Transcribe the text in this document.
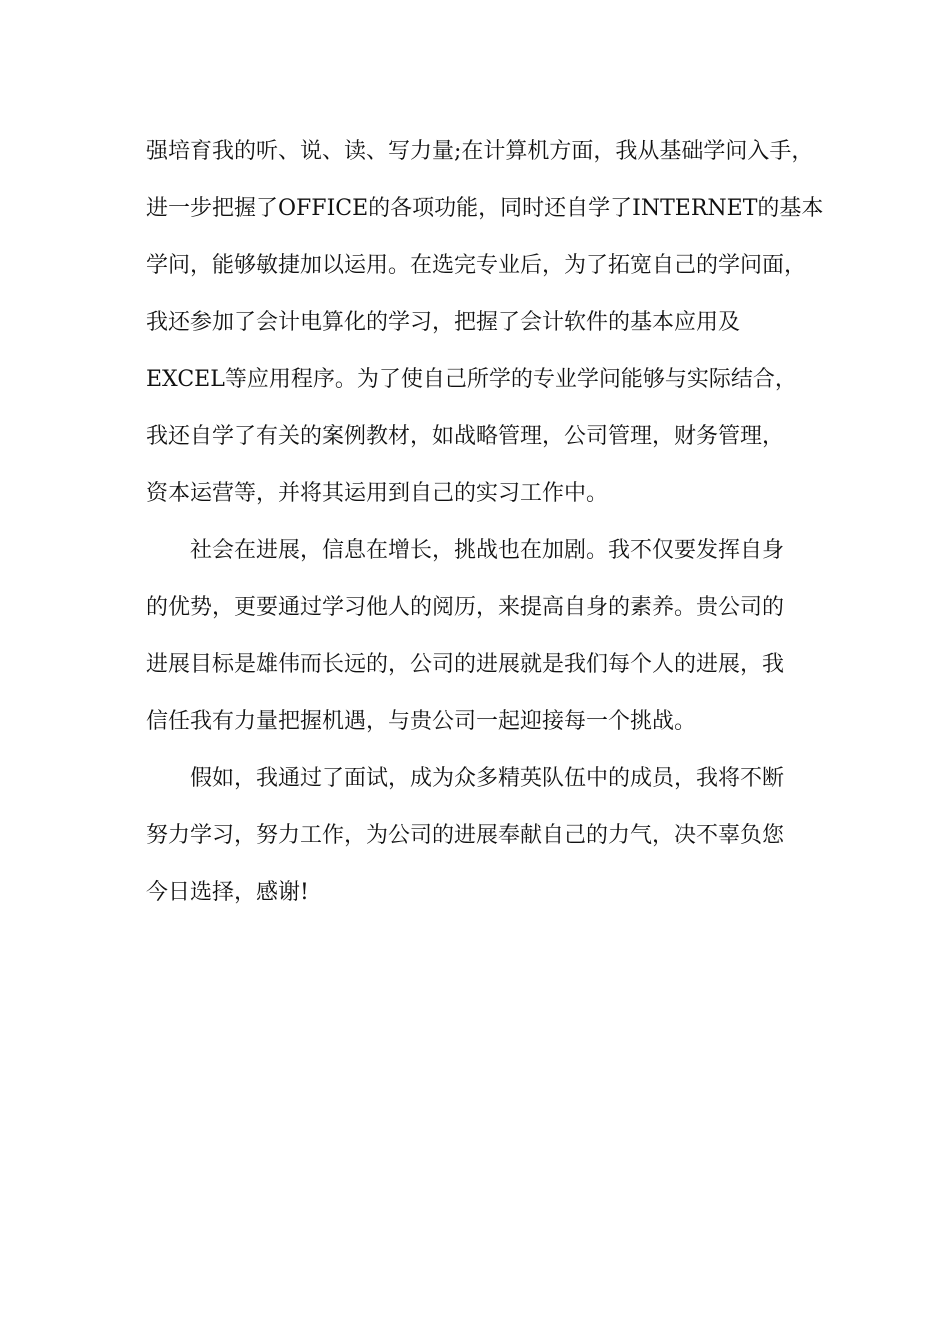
强培育我的听、说、读、写力量;在计算机方面，我从基础学问入手，
进一步把握了OFFICE的各项功能，同时还自学了INTERNET的基本
学问，能够敏捷加以运用。在选完专业后，为了拓宽自己的学问面，
我还参加了会计电算化的学习，把握了会计软件的基本应用及
EXCEL等应用程序。为了使自己所学的专业学问能够与实际结合，
我还自学了有关的案例教材，如战略管理，公司管理，财务管理，
资本运营等，并将其运用到自己的实习工作中。
社会在进展，信息在增长，挑战也在加剧。我不仅要发挥自身
的优势，更要通过学习他人的阅历，来提高自身的素养。贵公司的
进展目标是雄伟而长远的，公司的进展就是我们每个人的进展，我
信任我有力量把握机遇，与贵公司一起迎接每一个挑战。
假如，我通过了面试，成为众多精英队伍中的成员，我将不断
努力学习，努力工作，为公司的进展奉献自己的力气，决不辜负您
今日选择，感谢!
